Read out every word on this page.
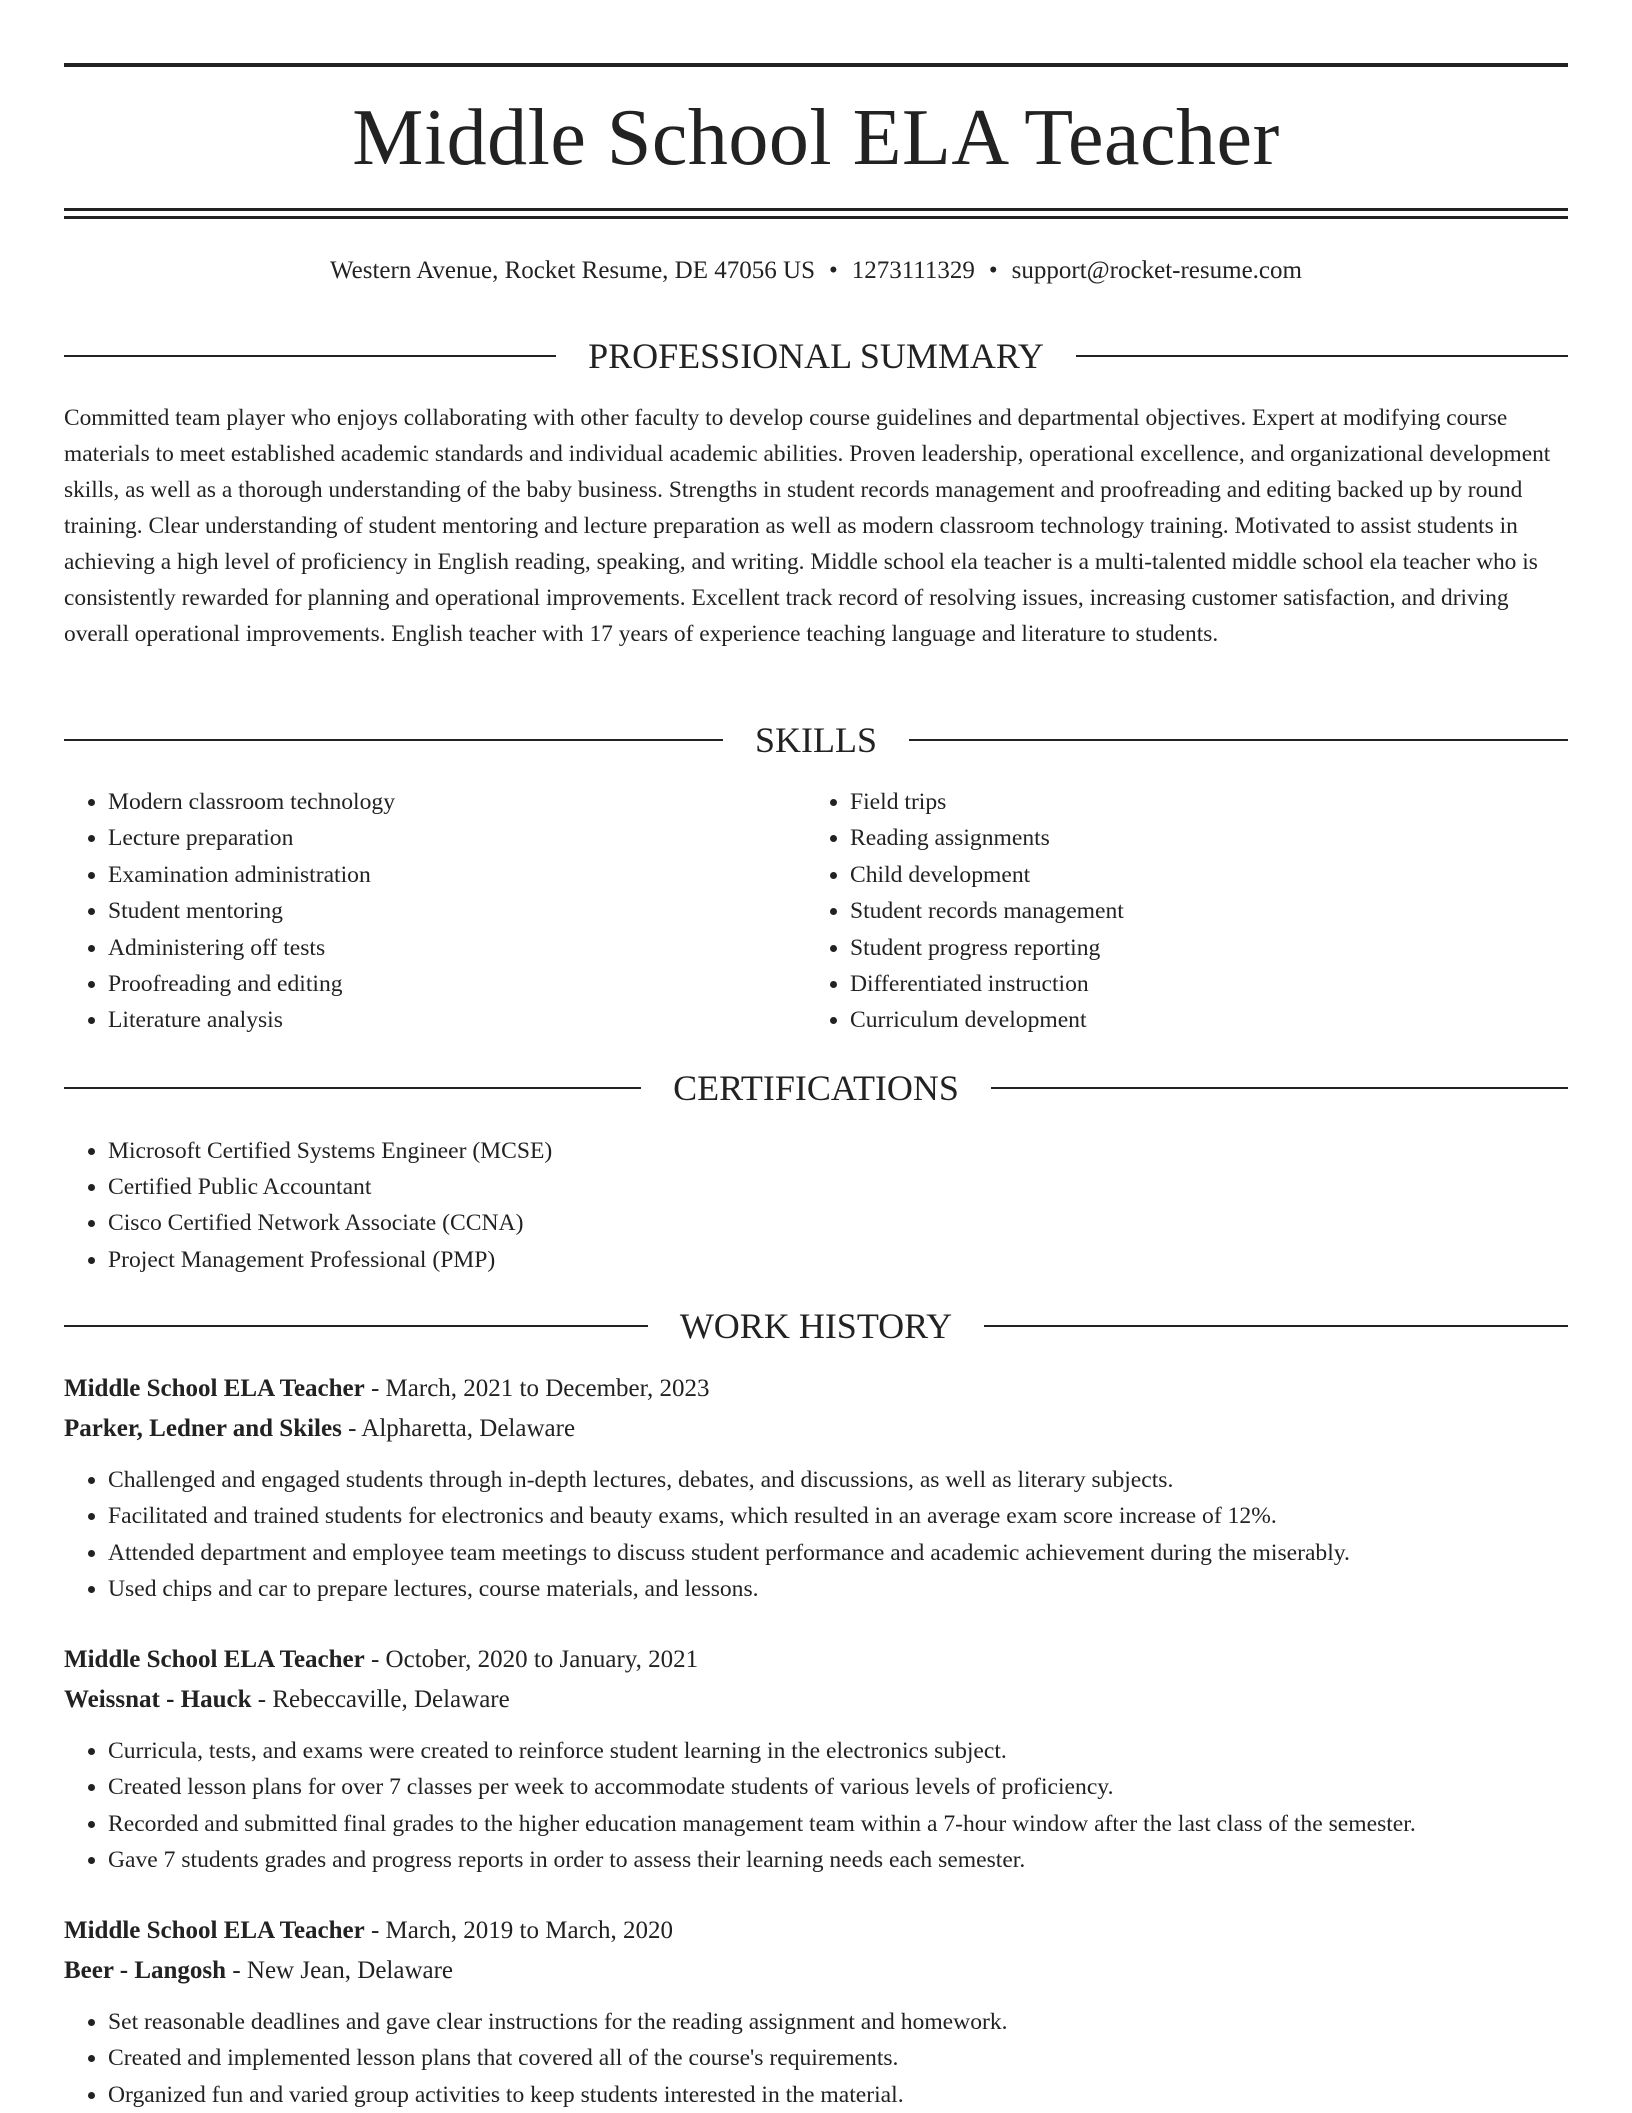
Middle School ELA Teacher
Western Avenue, Rocket Resume, DE 47056 US • 1273111329 • support@rocket-resume.com
PROFESSIONAL SUMMARY

Committed team player who enjoys collaborating with other faculty to develop course guidelines and departmental objectives. Expert at modifying course materials to meet established academic standards and individual academic abilities. Proven leadership, operational excellence, and organizational development skills, as well as a thorough understanding of the baby business. Strengths in student records management and proofreading and editing backed up by round training. Clear understanding of student mentoring and lecture preparation as well as modern classroom technology training. Motivated to assist students in achieving a high level of proficiency in English reading, speaking, and writing. Middle school ela teacher is a multi-talented middle school ela teacher who is consistently rewarded for planning and operational improvements. Excellent track record of resolving issues, increasing customer satisfaction, and driving overall operational improvements. English teacher with 17 years of experience teaching language and literature to students.

SKILLS
• Modern classroom technology
• Lecture preparation
• Examination administration
• Student mentoring
• Administering off tests
• Proofreading and editing
• Literature analysis
• Field trips
• Reading assignments
• Child development
• Student records management
• Student progress reporting
• Differentiated instruction
• Curriculum development
CERTIFICATIONS
• Microsoft Certified Systems Engineer (MCSE)
• Certified Public Accountant
• Cisco Certified Network Associate (CCNA)
• Project Management Professional (PMP)
WORK HISTORY
Middle School ELA Teacher - March, 2021 to December, 2023
Parker, Ledner and Skiles - Alpharetta, Delaware
• Challenged and engaged students through in-depth lectures, debates, and discussions, as well as literary subjects.
• Facilitated and trained students for electronics and beauty exams, which resulted in an average exam score increase of 12%.
• Attended department and employee team meetings to discuss student performance and academic achievement during the miserably.
• Used chips and car to prepare lectures, course materials, and lessons.
Middle School ELA Teacher - October, 2020 to January, 2021
Weissnat - Hauck - Rebeccaville, Delaware
• Curricula, tests, and exams were created to reinforce student learning in the electronics subject.
• Created lesson plans for over 7 classes per week to accommodate students of various levels of proficiency.
• Recorded and submitted final grades to the higher education management team within a 7-hour window after the last class of the semester.
• Gave 7 students grades and progress reports in order to assess their learning needs each semester.
Middle School ELA Teacher - March, 2019 to March, 2020
Beer - Langosh - New Jean, Delaware
• Set reasonable deadlines and gave clear instructions for the reading assignment and homework.
• Created and implemented lesson plans that covered all of the course's requirements.
• Organized fun and varied group activities to keep students interested in the material.
